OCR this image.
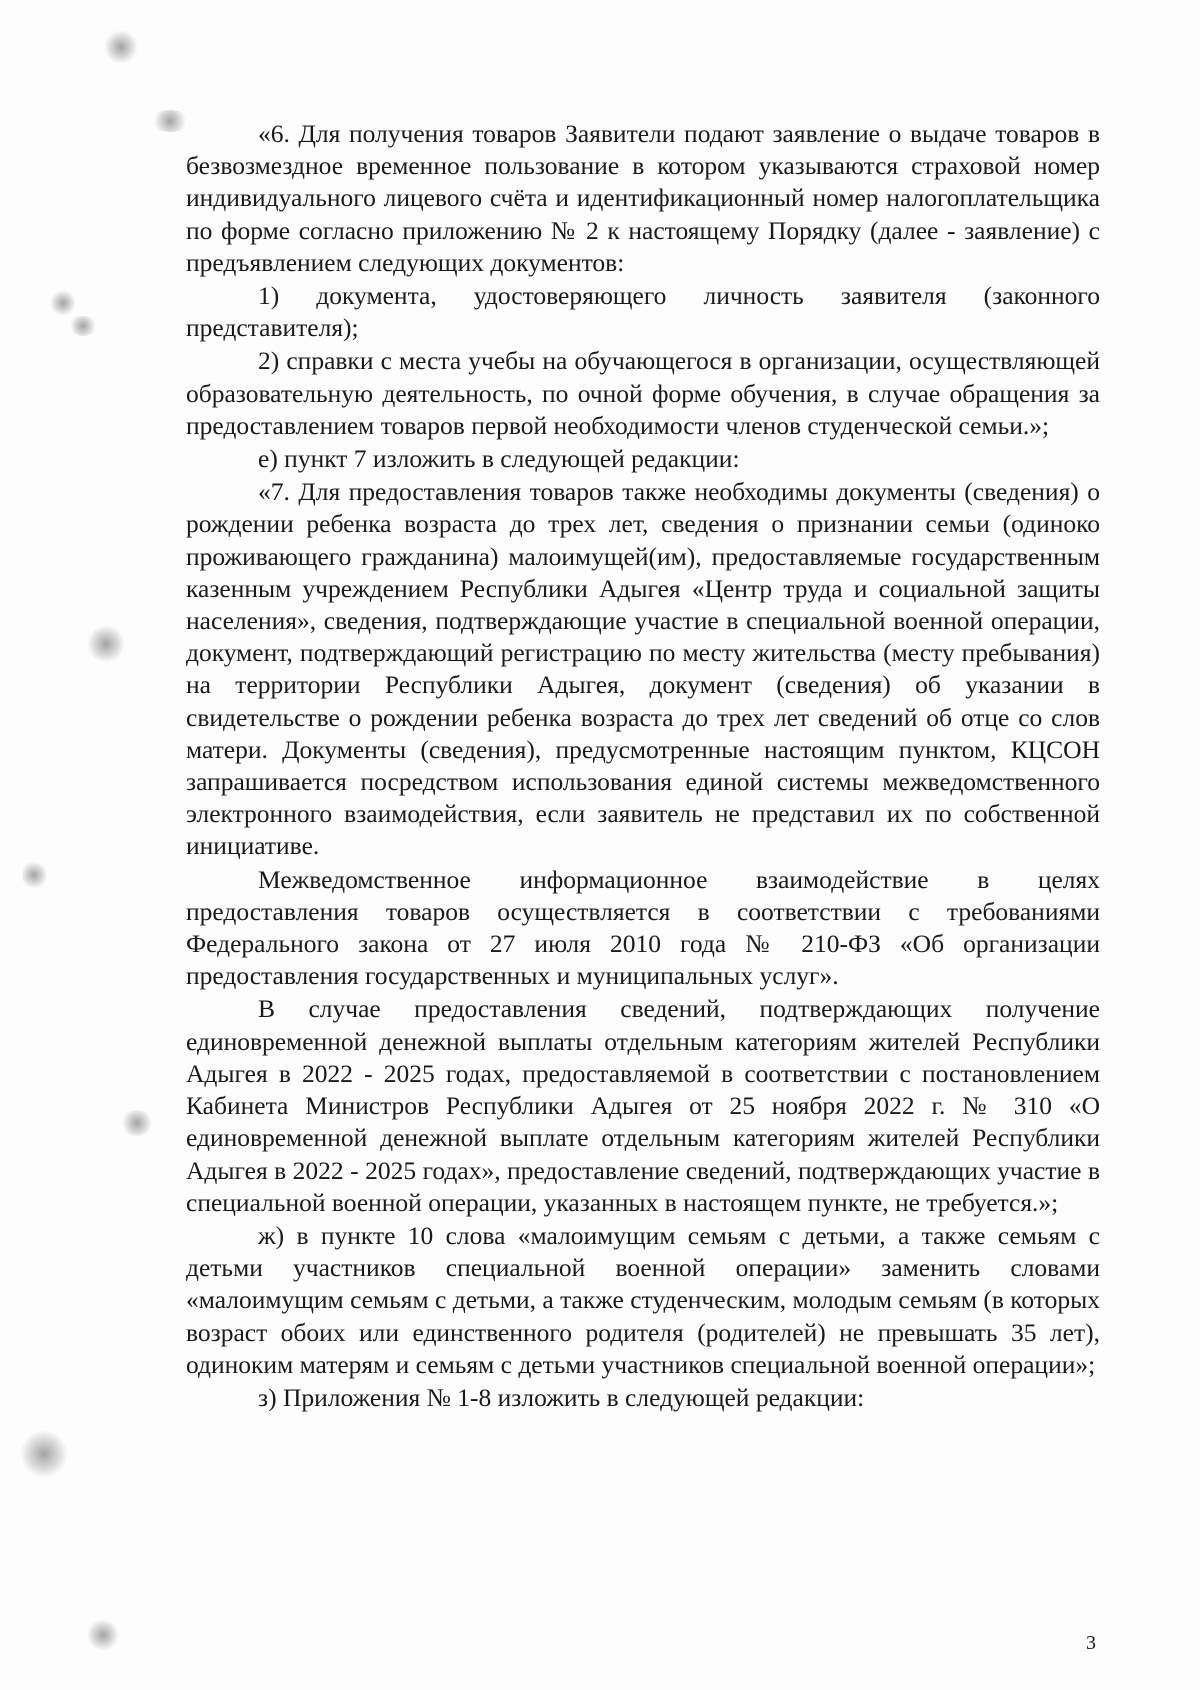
«6. Для получения товаров Заявители подают заявление о выдаче товаров в безвозмездное временное пользование в котором указываются страховой номер индивидуального лицевого счёта и идентификационный номер налогоплательщика по форме согласно приложению № 2 к настоящему Порядку (далее - заявление) с предъявлением следующих документов:

1) документа, удостоверяющего личность заявителя (законного представителя);

2) справки с места учебы на обучающегося в организации, осуществляющей образовательную деятельность, по очной форме обучения, в случае обращения за предоставлением товаров первой необходимости членов студенческой семьи.»;

е) пункт 7 изложить в следующей редакции:

«7. Для предоставления товаров также необходимы документы (сведения) о рождении ребенка возраста до трех лет, сведения о признании семьи (одиноко проживающего гражданина) малоимущей(им), предоставляемые государственным казенным учреждением Республики Адыгея «Центр труда и социальной защиты населения», сведения, подтверждающие участие в специальной военной операции, документ, подтверждающий регистрацию по месту жительства (месту пребывания) на территории Республики Адыгея, документ (сведения) об указании в свидетельстве о рождении ребенка возраста до трех лет сведений об отце со слов матери. Документы (сведения), предусмотренные настоящим пунктом, КЦСОН запрашивается посредством использования единой системы межведомственного электронного взаимодействия, если заявитель не представил их по собственной инициативе.

Межведомственное информационное взаимодействие в целях предоставления товаров осуществляется в соответствии с требованиями Федерального закона от 27 июля 2010 года № 210-ФЗ «Об организации предоставления государственных и муниципальных услуг».

В случае предоставления сведений, подтверждающих получение единовременной денежной выплаты отдельным категориям жителей Республики Адыгея в 2022 - 2025 годах, предоставляемой в соответствии с постановлением Кабинета Министров Республики Адыгея от 25 ноября 2022 г. № 310 «О единовременной денежной выплате отдельным категориям жителей Республики Адыгея в 2022 - 2025 годах», предоставление сведений, подтверждающих участие в специальной военной операции, указанных в настоящем пункте, не требуется.»;

ж) в пункте 10 слова «малоимущим семьям с детьми, а также семьям с детьми участников специальной военной операции» заменить словами «малоимущим семьям с детьми, а также студенческим, молодым семьям (в которых возраст обоих или единственного родителя (родителей) не превышать 35 лет), одиноким матерям и семьям с детьми участников специальной военной операции»;

з) Приложения № 1-8 изложить в следующей редакции:

3
